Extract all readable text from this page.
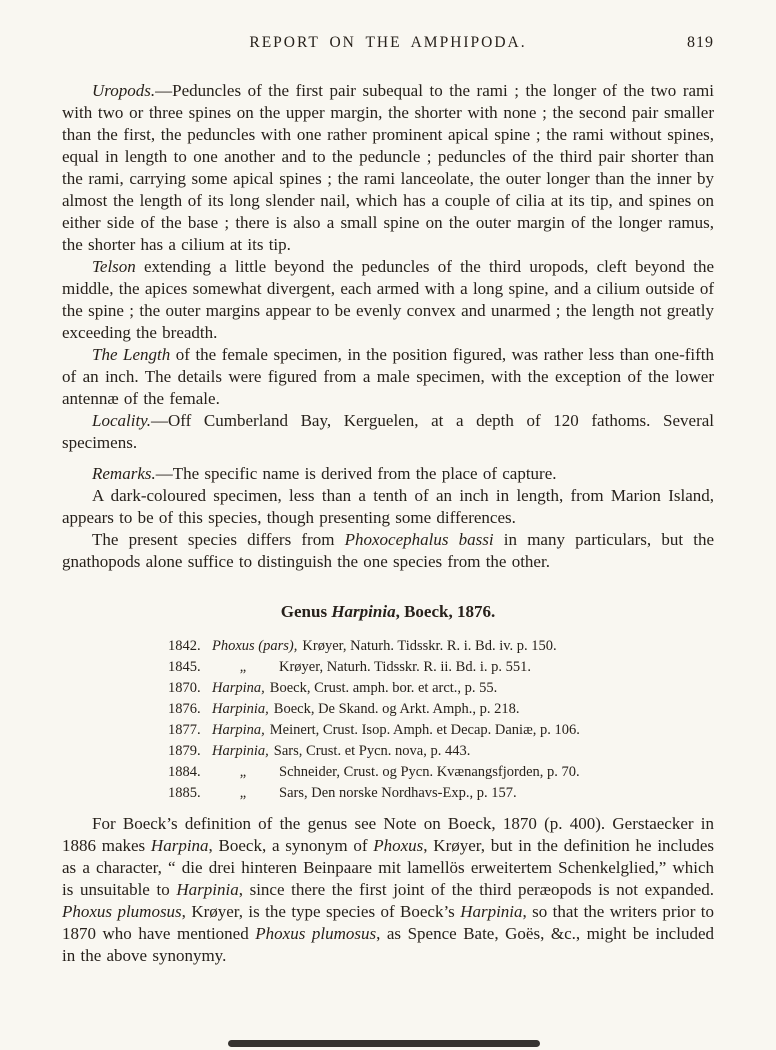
REPORT ON THE AMPHIPODA.	819

Uropods.—Peduncles of the first pair subequal to the rami ; the longer of the two rami with two or three spines on the upper margin, the shorter with none ; the second pair smaller than the first, the peduncles with one rather prominent apical spine ; the rami without spines, equal in length to one another and to the peduncle ; peduncles of the third pair shorter than the rami, carrying some apical spines ; the rami lanceolate, the outer longer than the inner by almost the length of its long slender nail, which has a couple of cilia at its tip, and spines on either side of the base ; there is also a small spine on the outer margin of the longer ramus, the shorter has a cilium at its tip.

Telson extending a little beyond the peduncles of the third uropods, cleft beyond the middle, the apices somewhat divergent, each armed with a long spine, and a cilium outside of the spine ; the outer margins appear to be evenly convex and unarmed ; the length not greatly exceeding the breadth.

The Length of the female specimen, in the position figured, was rather less than one-fifth of an inch. The details were figured from a male specimen, with the exception of the lower antennæ of the female.

Locality.—Off Cumberland Bay, Kerguelen, at a depth of 120 fathoms. Several specimens.

Remarks.—The specific name is derived from the place of capture.

A dark-coloured specimen, less than a tenth of an inch in length, from Marion Island, appears to be of this species, though presenting some differences.

The present species differs from Phoxocephalus bassi in many particulars, but the gnathopods alone suffice to distinguish the one species from the other.

Genus Harpinia, Boeck, 1876.
1842. Phoxus (pars), Krøyer, Naturh. Tidsskr. R. i. Bd. iv. p. 150.
1845.	„	Krøyer, Naturh. Tidsskr. R. ii. Bd. i. p. 551.
1870. Harpina, Boeck, Crust. amph. bor. et arct., p. 55.
1876. Harpinia, Boeck, De Skand. og Arkt. Amph., p. 218.
1877. Harpina, Meinert, Crust. Isop. Amph. et Decap. Daniæ, p. 106.
1879. Harpinia, Sars, Crust. et Pycn. nova, p. 443.
1884.	„	Schneider, Crust. og Pycn. Kvænangsfjorden, p. 70.
1885.	„	Sars, Den norske Nordhavs-Exp., p. 157.

For Boeck’s definition of the genus see Note on Boeck, 1870 (p. 400). Gerstaecker in 1886 makes Harpina, Boeck, a synonym of Phoxus, Krøyer, but in the definition he includes as a character, “ die drei hinteren Beinpaare mit lamellös erweitertem Schenkelglied,” which is unsuitable to Harpinia, since there the first joint of the third peræopods is not expanded. Phoxus plumosus, Krøyer, is the type species of Boeck’s Harpinia, so that the writers prior to 1870 who have mentioned Phoxus plumosus, as Spence Bate, Goës, &c., might be included in the above synonymy.
